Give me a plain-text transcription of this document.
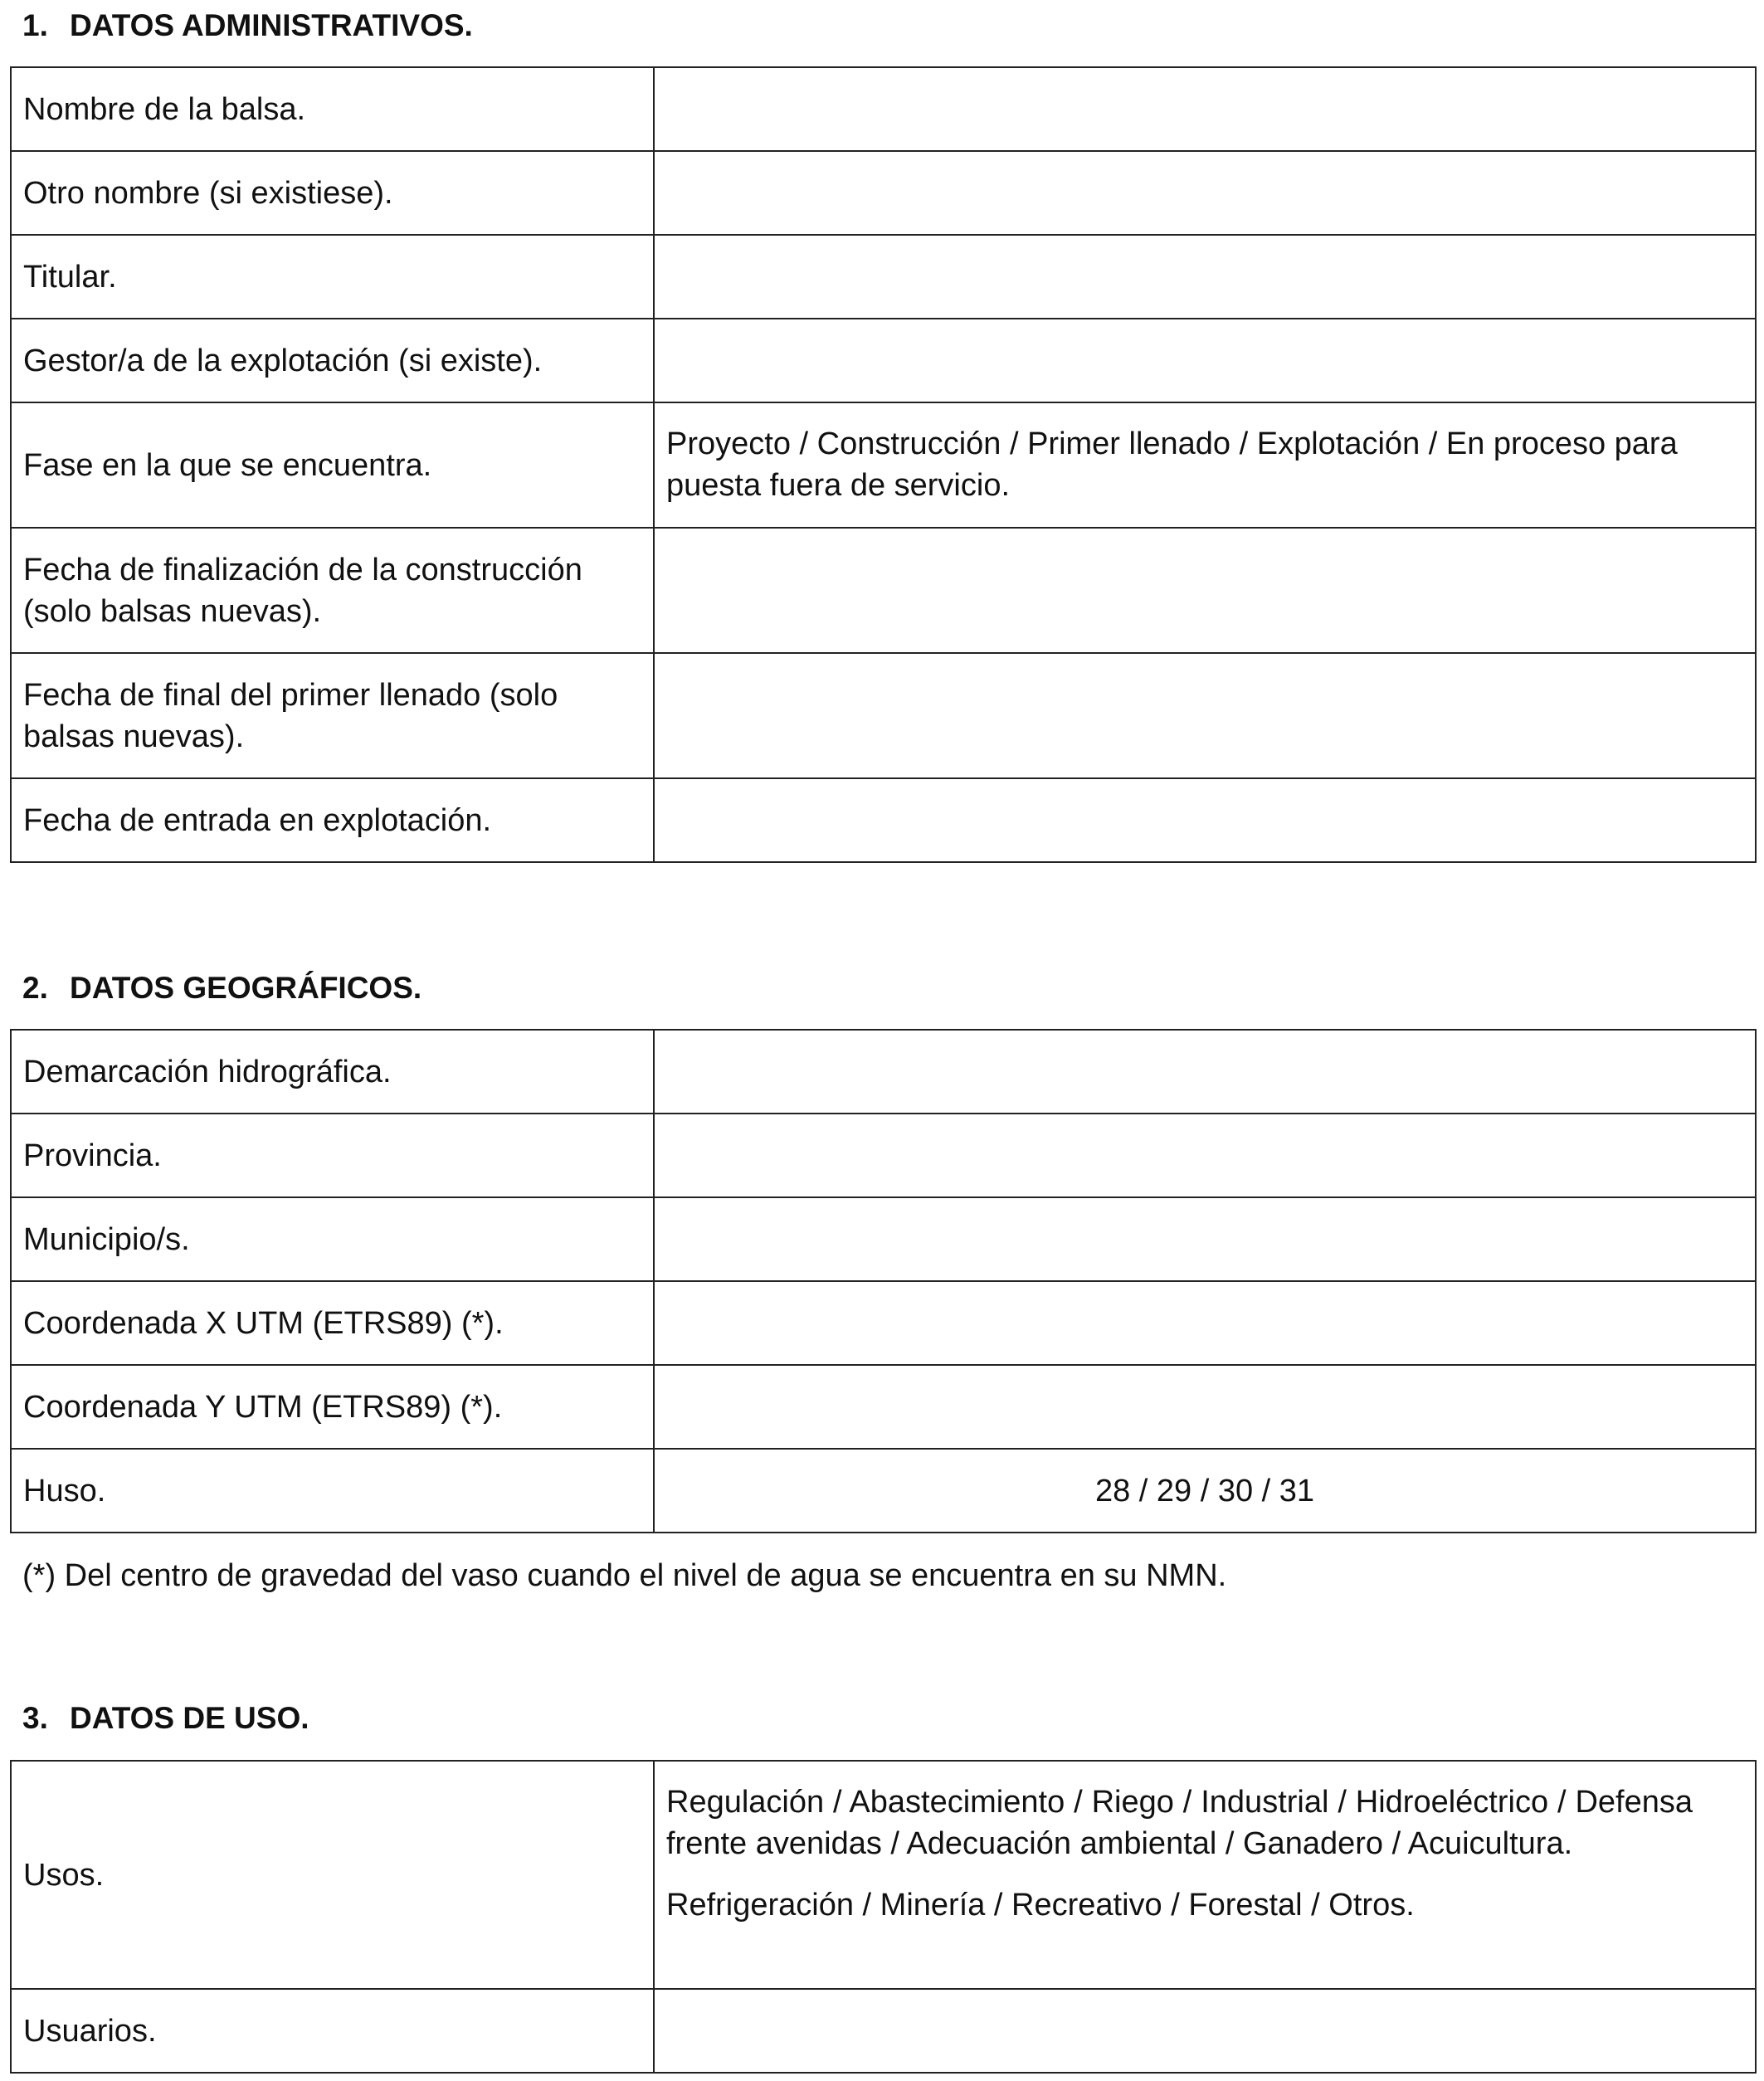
1. DATOS ADMINISTRATIVOS.
Nombre de la balsa.	
Otro nombre (si existiese).	
Titular.	
Gestor/a de la explotación (si existe).	
Fase en la que se encuentra.	Proyecto / Construcción / Primer llenado / Explotación / En proceso para puesta fuera de servicio.
Fecha de finalización de la construcción (solo balsas nuevas).	
Fecha de final del primer llenado (solo balsas nuevas).	
Fecha de entrada en explotación.	
2. DATOS GEOGRÁFICOS.
Demarcación hidrográfica.	
Provincia.	
Municipio/s.	
Coordenada X UTM (ETRS89) (*).	
Coordenada Y UTM (ETRS89) (*).	
Huso.	28 / 29 / 30 / 31

(*) Del centro de gravedad del vaso cuando el nivel de agua se encuentra en su NMN.

3. DATOS DE USO.
Usos.	Regulación / Abastecimiento / Riego / Industrial / Hidroeléctrico / Defensa frente avenidas / Adecuación ambiental / Ganadero / Acuicultura.
Refrigeración / Minería / Recreativo / Forestal / Otros.

Usuarios.	
